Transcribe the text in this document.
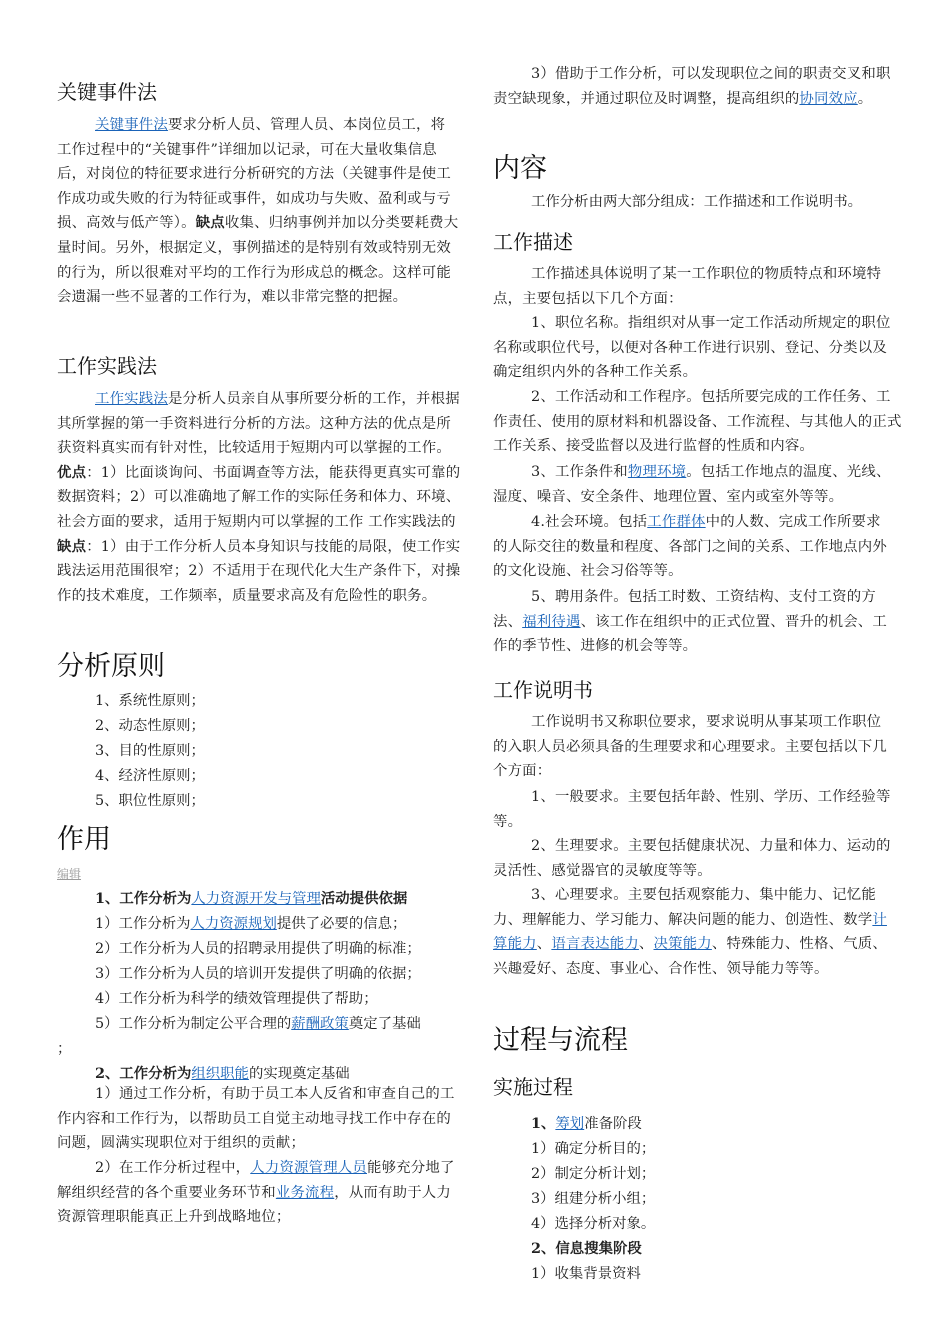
关键事件法
关键事件法要求分析人员、管理人员、本岗位员工，将工作过程中的“关键事件”详细加以记录，可在大量收集信息后，对岗位的特征要求进行分析研究的方法（关键事件是使工作成功或失败的行为特征或事件，如成功与失败、盈利或与亏损、高效与低产等）。缺点收集、归纳事例并加以分类要耗费大量时间。另外，根据定义，事例描述的是特别有效或特别无效的行为，所以很难对平均的工作行为形成总的概念。这样可能会遗漏一些不显著的工作行为，难以非常完整的把握。
工作实践法
工作实践法是分析人员亲自从事所要分析的工作，并根据其所掌握的第一手资料进行分析的方法。这种方法的优点是所获资料真实而有针对性，比较适用于短期内可以掌握的工作。优点：1）比面谈询问、书面调查等方法，能获得更真实可靠的数据资料；2）可以准确地了解工作的实际任务和体力、环境、社会方面的要求，适用于短期内可以掌握的工作 工作实践法的缺点：1）由于工作分析人员本身知识与技能的局限，使工作实践法运用范围很窄；2）不适用于在现代化大生产条件下，对操作的技术难度，工作频率，质量要求高及有危险性的职务。
分析原则
1、系统性原则；
2、动态性原则；
3、目的性原则；
4、经济性原则；
5、职位性原则；
作用
编辑
1、工作分析为人力资源开发与管理活动提供依据
1）工作分析为人力资源规划提供了必要的信息；
2）工作分析为人员的招聘录用提供了明确的标准；
3）工作分析为人员的培训开发提供了明确的依据；
4）工作分析为科学的绩效管理提供了帮助；
5）工作分析为制定公平合理的薪酬政策奠定了基础
；
2、工作分析为组织职能的实现奠定基础
1）通过工作分析，有助于员工本人反省和审查自己的工作内容和工作行为，以帮助员工自觉主动地寻找工作中存在的问题，圆满实现职位对于组织的贡献；
2）在工作分析过程中，人力资源管理人员能够充分地了解组织经营的各个重要业务环节和业务流程，从而有助于人力资源管理职能真正上升到战略地位；
3）借助于工作分析，可以发现职位之间的职责交叉和职责空缺现象，并通过职位及时调整，提高组织的协同效应。
内容
工作分析由两大部分组成：工作描述和工作说明书。
工作描述
工作描述具体说明了某一工作职位的物质特点和环境特点，主要包括以下几个方面：
1、职位名称。指组织对从事一定工作活动所规定的职位名称或职位代号，以便对各种工作进行识别、登记、分类以及确定组织内外的各种工作关系。
2、工作活动和工作程序。包括所要完成的工作任务、工作责任、使用的原材料和机器设备、工作流程、与其他人的正式工作关系、接受监督以及进行监督的性质和内容。
3、工作条件和物理环境。包括工作地点的温度、光线、湿度、噪音、安全条件、地理位置、室内或室外等等。
4.社会环境。包括工作群体中的人数、完成工作所要求的人际交往的数量和程度、各部门之间的关系、工作地点内外的文化设施、社会习俗等等。
5、聘用条件。包括工时数、工资结构、支付工资的方法、福利待遇、该工作在组织中的正式位置、晋升的机会、工作的季节性、进修的机会等等。
工作说明书
工作说明书又称职位要求，要求说明从事某项工作职位的入职人员必须具备的生理要求和心理要求。主要包括以下几个方面：
1、一般要求。主要包括年龄、性别、学历、工作经验等等。
2、生理要求。主要包括健康状况、力量和体力、运动的灵活性、感觉器官的灵敏度等等。
3、心理要求。主要包括观察能力、集中能力、记忆能力、理解能力、学习能力、解决问题的能力、创造性、数学计算能力、语言表达能力、决策能力、特殊能力、性格、气质、兴趣爱好、态度、事业心、合作性、领导能力等等。
过程与流程
实施过程
1、筹划准备阶段
1）确定分析目的；
2）制定分析计划；
3）组建分析小组；
4）选择分析对象。
2、信息搜集阶段
1）收集背景资料
